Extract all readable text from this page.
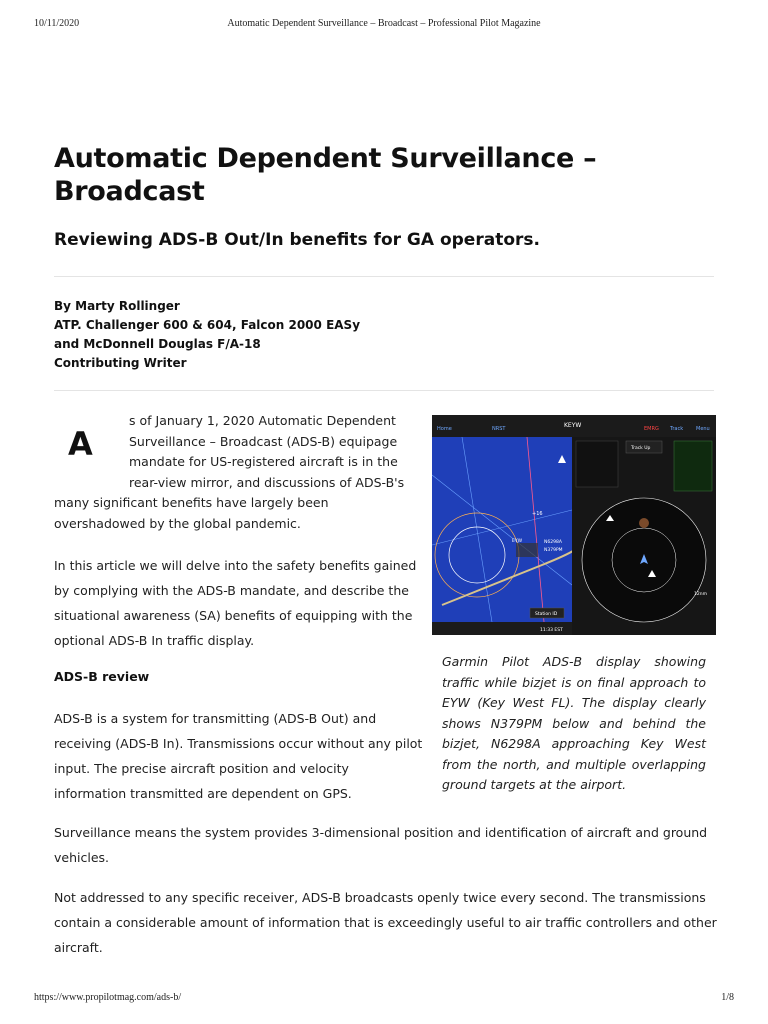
10/11/2020	Automatic Dependent Surveillance – Broadcast – Professional Pilot Magazine
Automatic Dependent Surveillance –
Broadcast

Reviewing ADS-B Out/In benefits for GA operators.

By Marty Rollinger
ATP. Challenger 600 & 604, Falcon 2000 EASy
and McDonnell Douglas F/A-18
Contributing Writer
A
s of January 1, 2020 Automatic Dependent
Surveillance – Broadcast (ADS-B) equipage
mandate for US-registered aircraft is in the
rear-view mirror, and discussions of ADS-B's
many significant benefits have largely been
overshadowed by the global pandemic.
In this article we will delve into the safety benefits gained
by complying with the ADS-B mandate, and describe the
situational awareness (SA) benefits of equipping with the
optional ADS-B In traffic display.
ADS-B review
ADS-B is a system for transmitting (ADS-B Out) and
receiving (ADS-B In). Transmissions occur without any pilot
input. The precise aircraft position and velocity
information transmitted are dependent on GPS.
Surveillance means the system provides 3-dimensional position and identification of aircraft and ground
vehicles.
Not addressed to any specific receiver, ADS-B broadcasts openly twice every second. The transmissions
contain a considerable amount of information that is exceedingly useful to air traffic controllers and other
aircraft.
Home	NRST	KEYW	EMRG Track	Menu
+16
EYW	N6298A
N379PM
Station ID
11:33 EST
Track Up
12nm
Garmin Pilot ADS-B display showing traffic while bizjet is on final approach to EYW (Key West FL). The display clearly shows N379PM below and behind the bizjet, N6298A approaching Key West from the north, and multiple overlapping ground targets at the airport.
https://www.propilotmag.com/ads-b/	1/8
